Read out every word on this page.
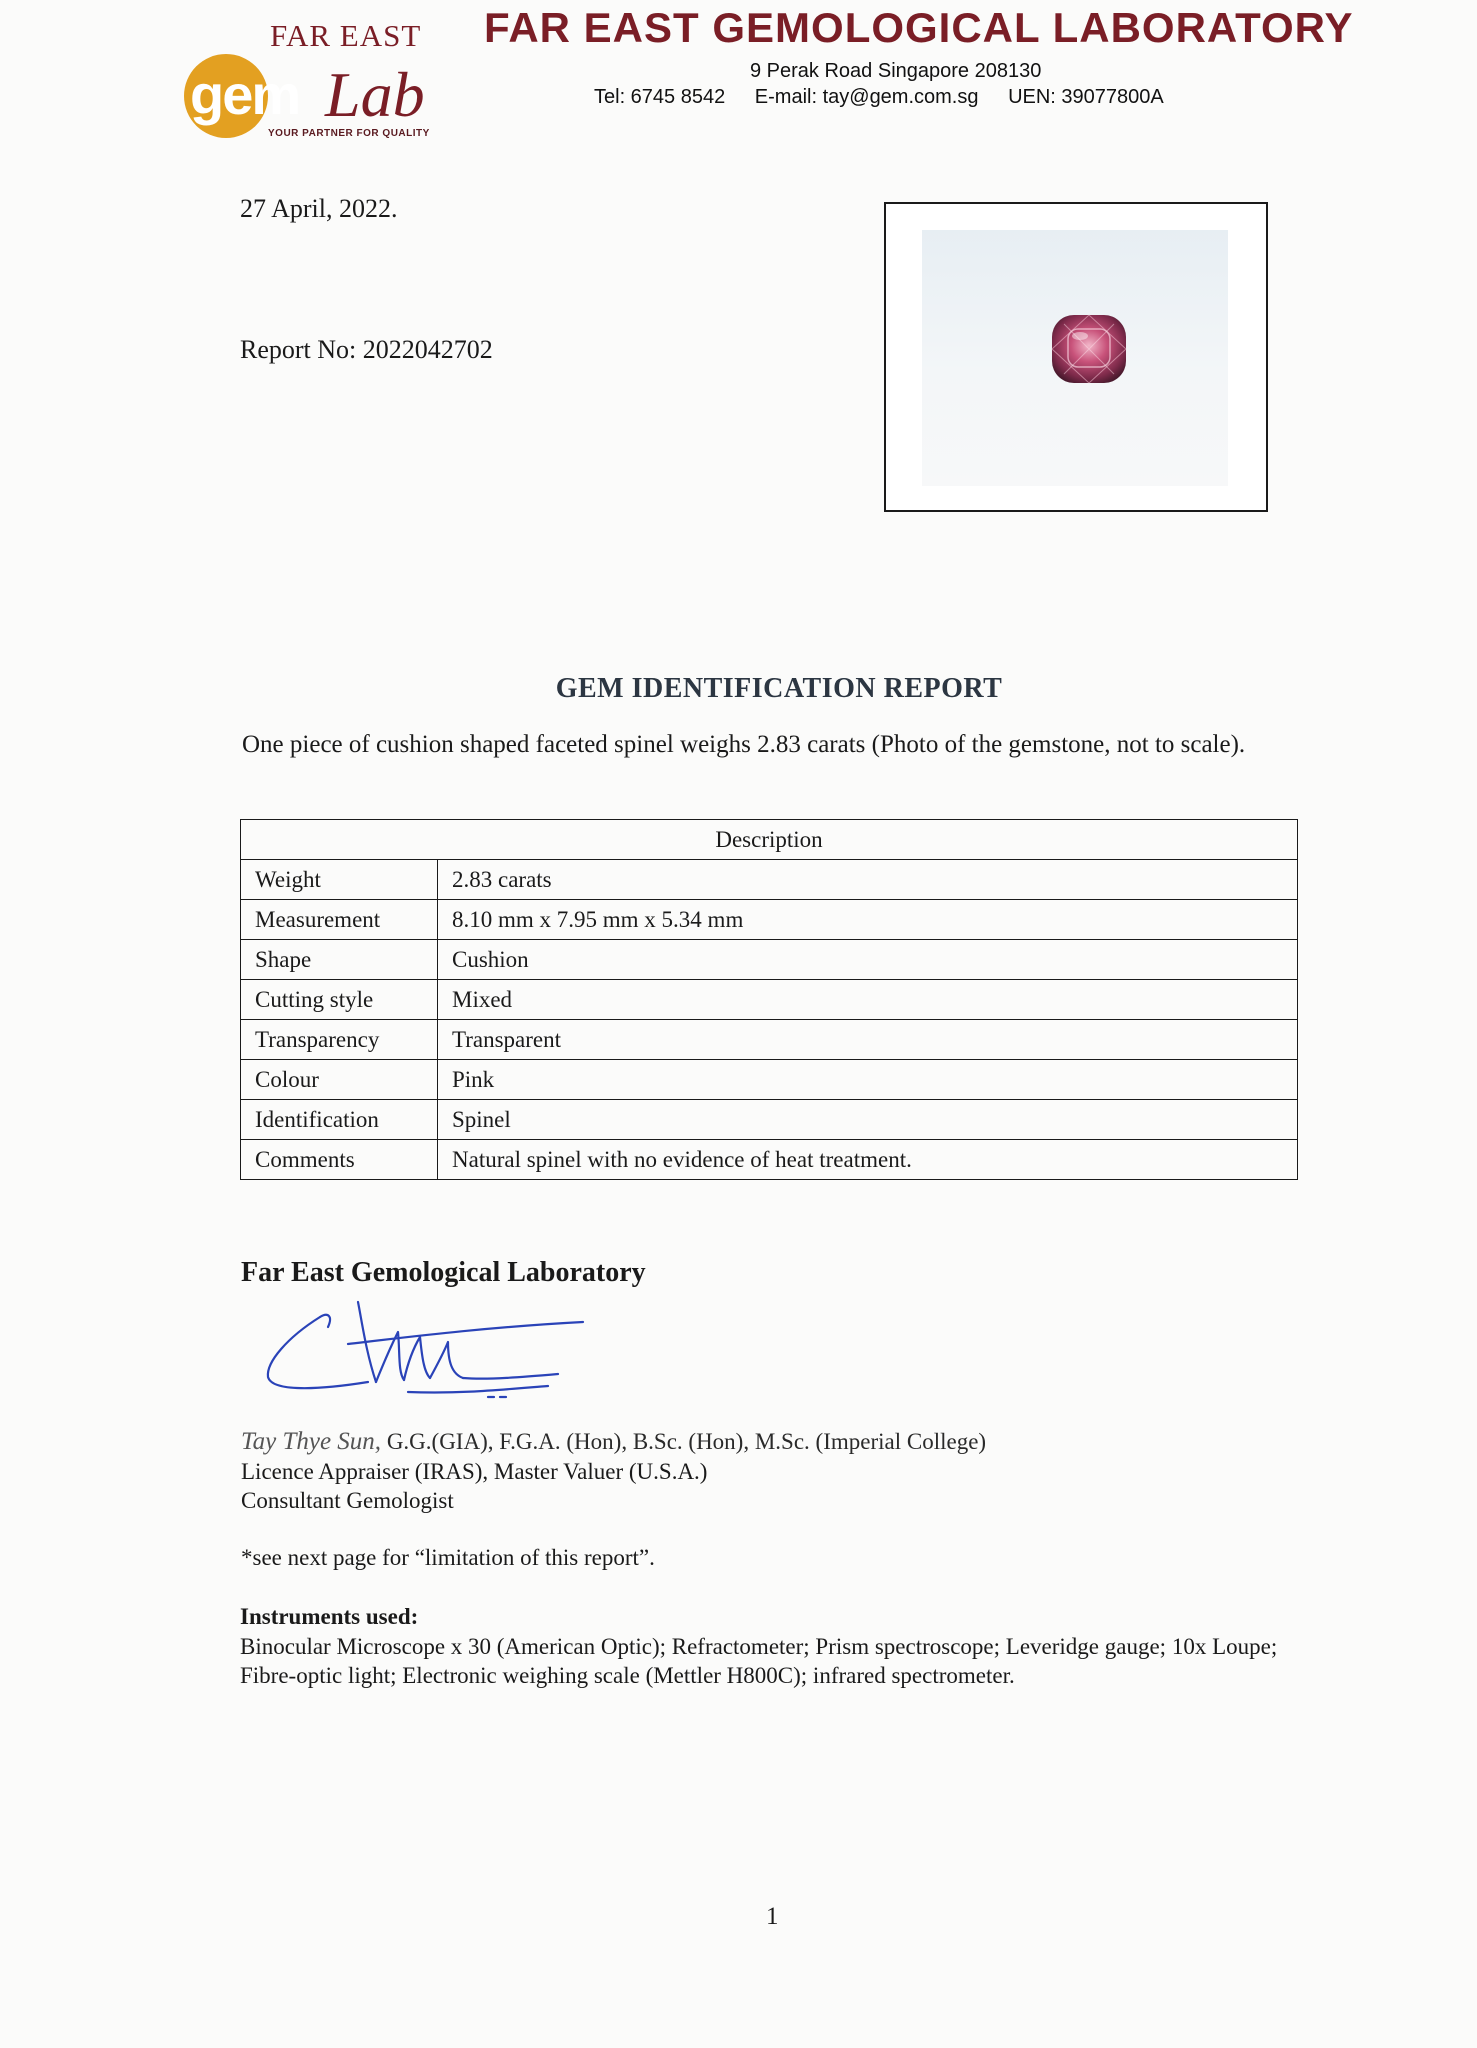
FAR EAST
gem Lab
YOUR PARTNER FOR QUALITY
FAR EAST GEMOLOGICAL LABORATORY
9 Perak Road Singapore 208130
Tel: 6745 8542 E-mail: tay@gem.com.sg UEN: 39077800A
27 April, 2022.
Report No: 2022042702
GEM IDENTIFICATION REPORT
One piece of cushion shaped faceted spinel weighs 2.83 carats (Photo of the gemstone, not to scale).
Description	
Weight	2.83 carats
Measurement	8.10 mm x 7.95 mm x 5.34 mm
Shape	Cushion
Cutting style	Mixed
Transparency	Transparent
Colour	Pink
Identification	Spinel
Comments	Natural spinel with no evidence of heat treatment.
Far East Gemological Laboratory
Tay Thye Sun, G.G.(GIA), F.G.A. (Hon), B.Sc. (Hon), M.Sc. (Imperial College)
Licence Appraiser (IRAS), Master Valuer (U.S.A.)
Consultant Gemologist
*see next page for “limitation of this report”.
Instruments used:
Binocular Microscope x 30 (American Optic); Refractometer; Prism spectroscope; Leveridge gauge; 10x Loupe; Fibre-optic light; Electronic weighing scale (Mettler H800C); infrared spectrometer.
1
